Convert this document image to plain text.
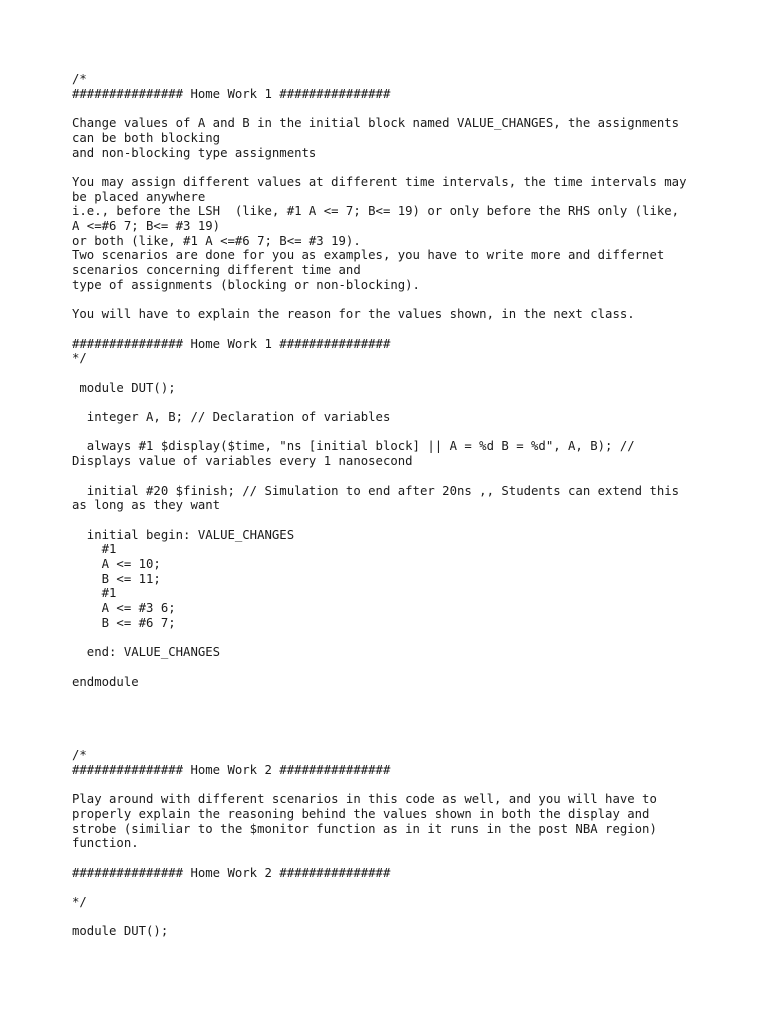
/*
############### Home Work 1 ###############
Change values of A and B in the initial block named VALUE_CHANGES, the assignments
can be both blocking
and non-blocking type assignments
You may assign different values at different time intervals, the time intervals may
be placed anywhere
i.e., before the LSH  (like, #1 A <= 7; B<= 19) or only before the RHS only (like,
A <=#6 7; B<= #3 19)
or both (like, #1 A <=#6 7; B<= #3 19).
Two scenarios are done for you as examples, you have to write more and differnet
scenarios concerning different time and
type of assignments (blocking or non-blocking).
You will have to explain the reason for the values shown, in the next class.
############### Home Work 1 ###############
*/
module DUT();
integer A, B; // Declaration of variables
always #1 $display($time, "ns [initial block] || A = %d B = %d", A, B); //
Displays value of variables every 1 nanosecond
initial #20 $finish; // Simulation to end after 20ns ,, Students can extend this
as long as they want
initial begin: VALUE_CHANGES
#1
A <= 10;
B <= 11;
#1
A <= #3 6;
B <= #6 7;
end: VALUE_CHANGES
endmodule
/*
############### Home Work 2 ###############
Play around with different scenarios in this code as well, and you will have to
properly explain the reasoning behind the values shown in both the display and
strobe (similiar to the $monitor function as in it runs in the post NBA region)
function.
############### Home Work 2 ###############
*/
module DUT();
